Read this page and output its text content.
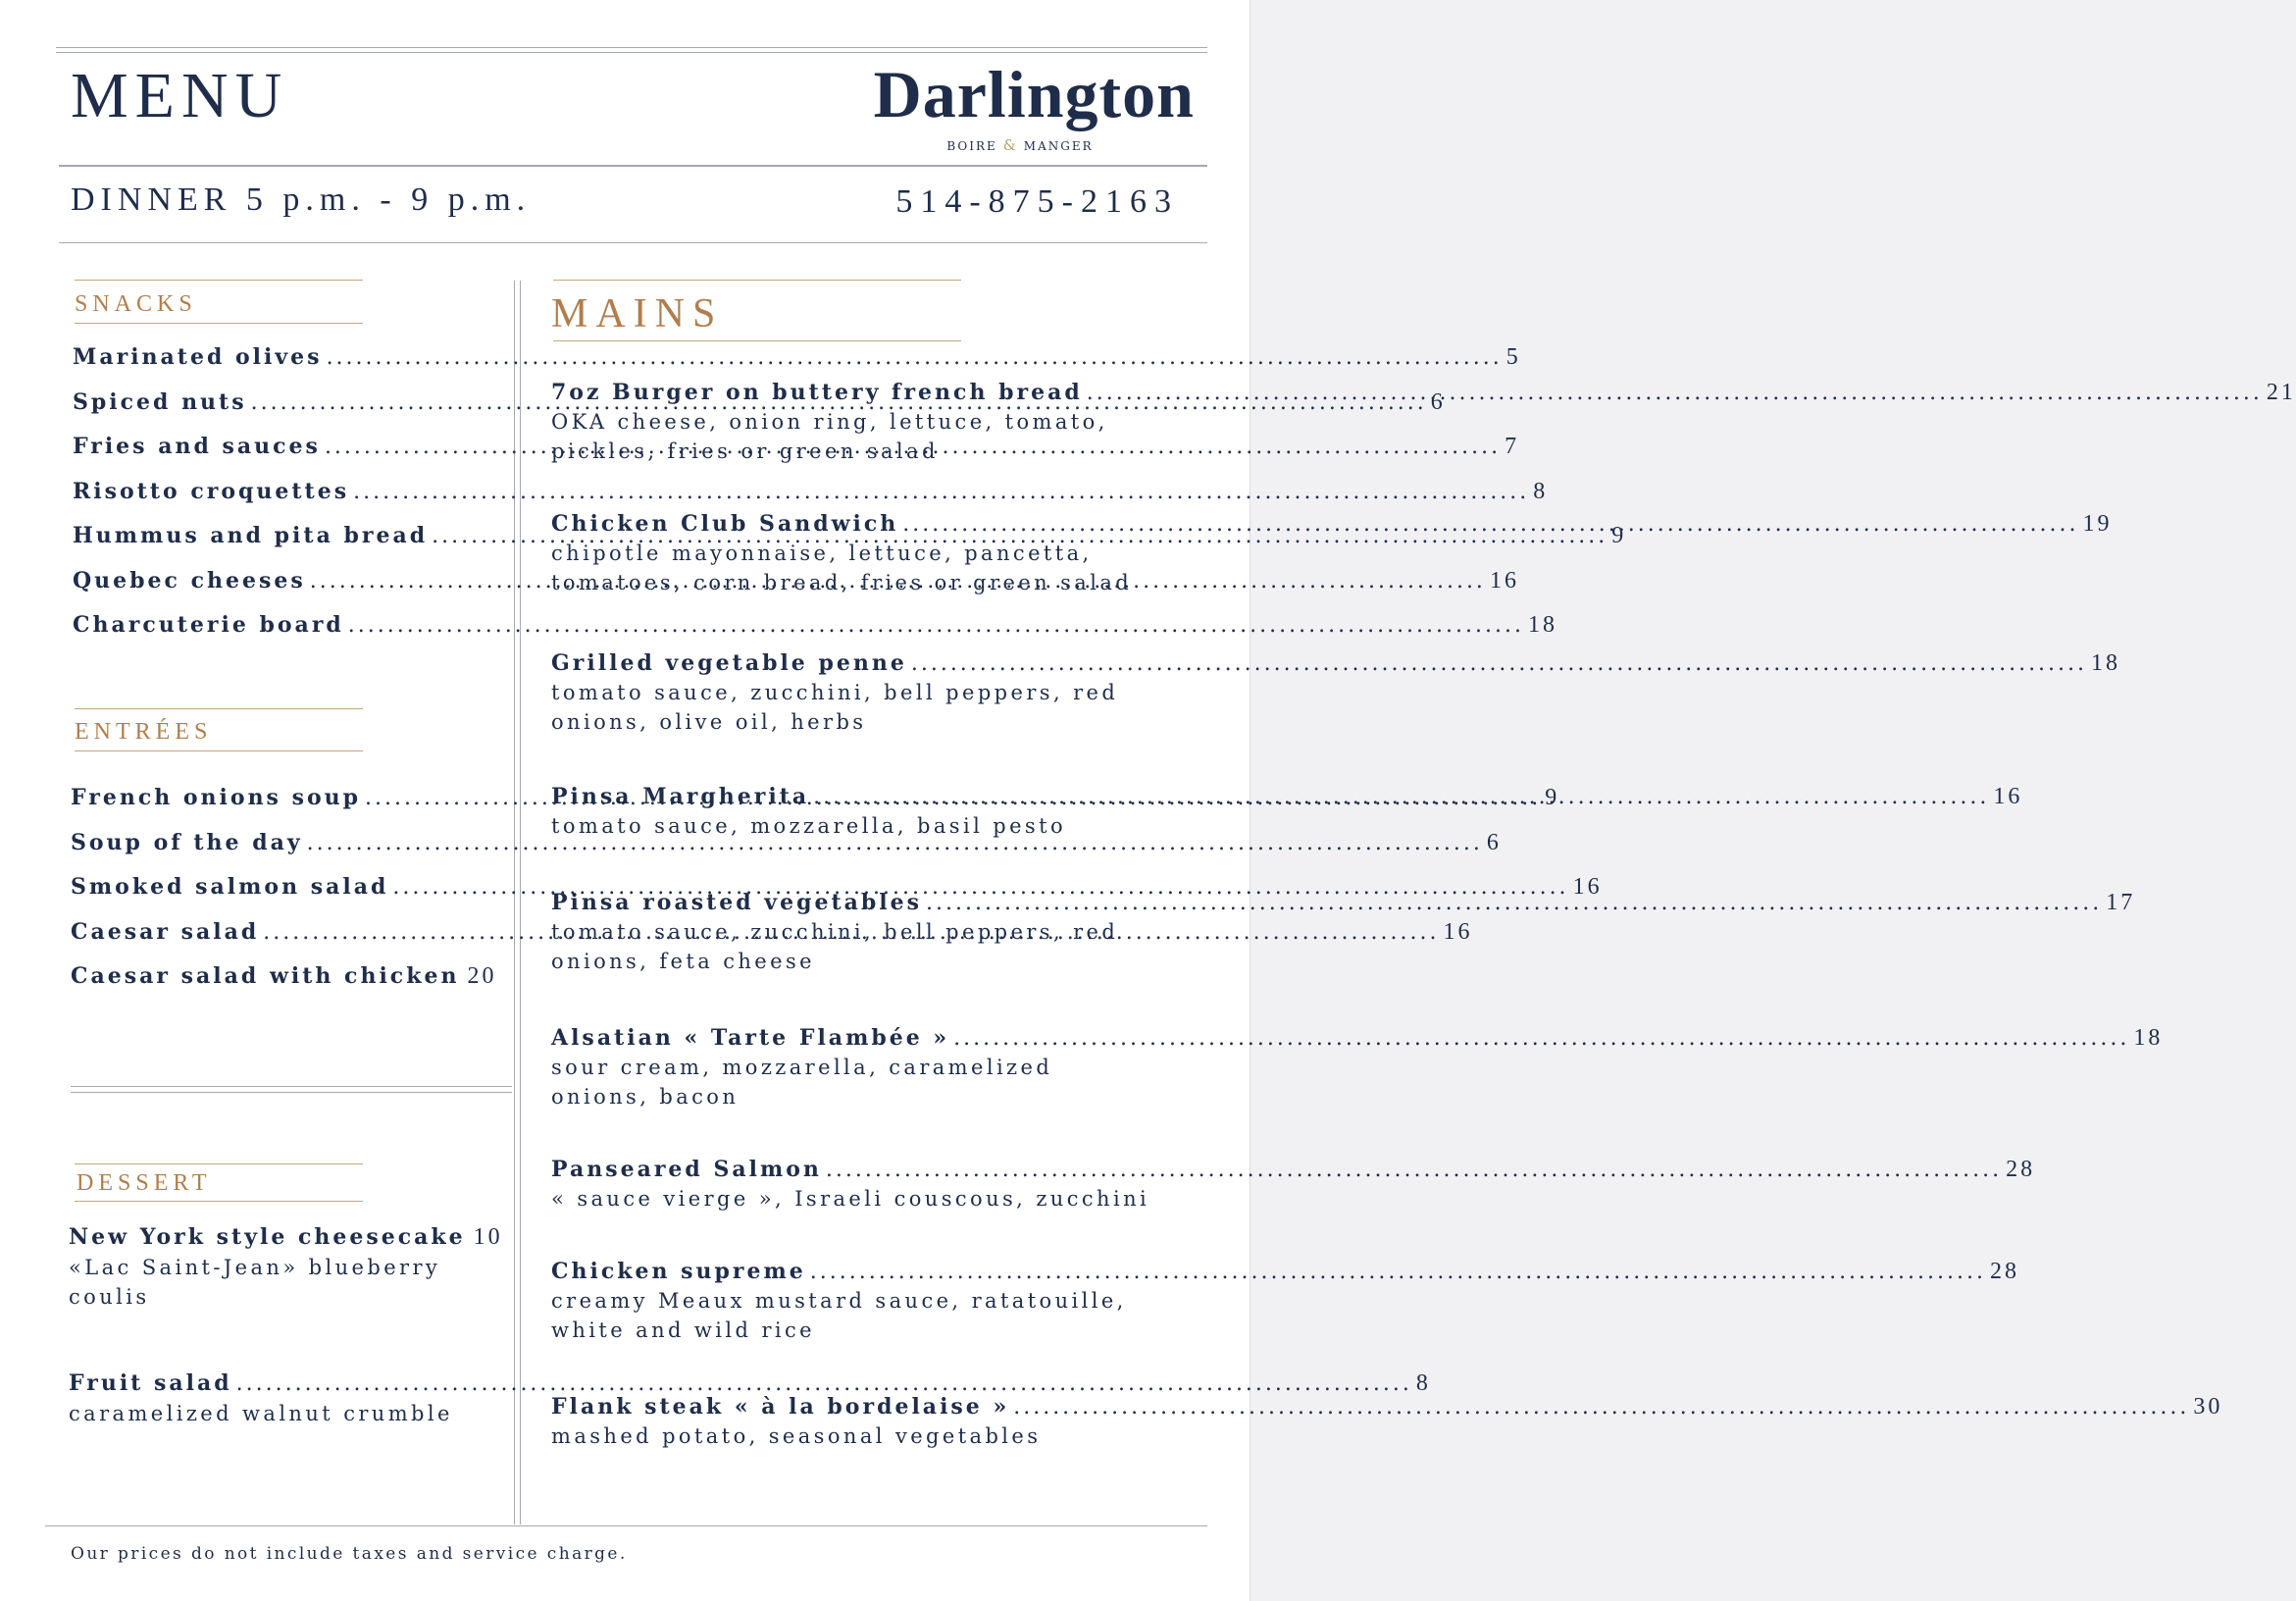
MENU	Darlington
BOIRE & MANGER
DINNER 5 p.m. - 9 p.m.	514-875-2163
SNACKS
Marinated olives .....	5
Spiced nuts .....	6
Fries and sauces .....	7
Risotto croquettes .....	8
Hummus and pita bread .....	9
Quebec cheeses .....	16
Charcuterie board .....	18
ENTRÉES
French onions soup .....	9
Soup of the day .....	6
Smoked salmon salad .....	16
Caesar salad .....	16
Caesar salad with chicken 20
DESSERT
New York style cheesecake 10
«Lac Saint-Jean» blueberry
coulis
Fruit salad .....	8
caramelized walnut crumble
MAINS
7oz Burger on buttery french bread .....	21
OKA cheese, onion ring, lettuce, tomato,
pickles, fries or green salad
Chicken Club Sandwich .....	19
chipotle mayonnaise, lettuce, pancetta,
tomatoes, corn bread, fries or green salad
Grilled vegetable penne .....	18
tomato sauce, zucchini, bell peppers, red
onions, olive oil, herbs
Pinsa Margherita .....	16
tomato sauce, mozzarella, basil pesto
Pinsa roasted vegetables .....	17
tomato sauce, zucchini, bell peppers, red
onions, feta cheese
Alsatian « Tarte Flambée » .....	18
sour cream, mozzarella, caramelized
onions, bacon
Panseared Salmon .....	28
« sauce vierge », Israeli couscous, zucchini
Chicken supreme .....	28
creamy Meaux mustard sauce, ratatouille,
white and wild rice
Flank steak « à la bordelaise » .....	30
mashed potato, seasonal vegetables
Our prices do not include taxes and service charge.
